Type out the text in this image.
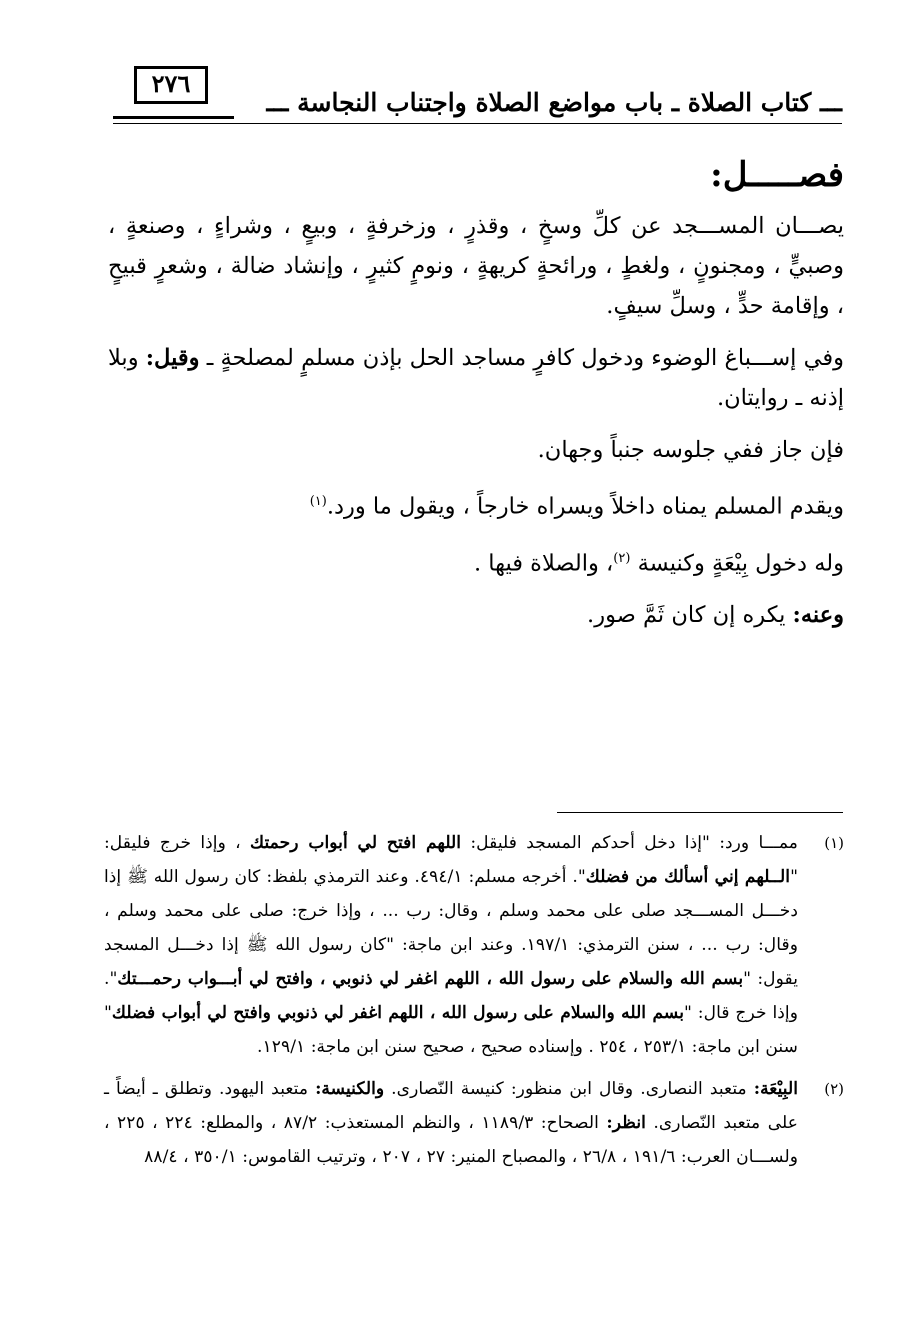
٢٧٦
ـــ كتاب الصلاة ـ باب مواضع الصلاة واجتناب النجاسة ـــ
فصـــــل:

يصـــان المســـجد عن كلِّ وسخٍ ، وقذرٍ ، وزخرفةٍ ، وبيعٍ ، وشراءٍ ، وصنعةٍ ، وصبيٍّ ، ومجنونٍ ، ولغطٍ ، ورائحةٍ كريهةٍ ، ونومٍ كثيرٍ ، وإنشاد ضالة ، وشعرٍ قبيحٍ ، وإقامة حدٍّ ، وسلِّ سيفٍ.

وفي إســـباغ الوضوء ودخول كافرٍ مساجد الحل بإذن مسلمٍ لمصلحةٍ ـ وقيل: وبلا إذنه ـ روايتان.

فإن جاز ففي جلوسه جنباً وجهان.

ويقدم المسلم يمناه داخلاً ويسراه خارجاً ، ويقول ما ورد.$^{(١)}$

وله دخول بِيْعَةٍ وكنيسة $^{(٢)}$، والصلاة فيها .

وعنه: يكره إن كان ثَمَّ صور.

(١)
ممـــا ورد: "إذا دخل أحدكم المسجد فليقل: اللهم افتح لي أبواب رحمتك ، وإذا خرج فليقل: "الــلهم إني أسألك من فضلك". أخرجه مسلم: ٤٩٤/١. وعند الترمذي بلفظ: كان رسول الله ﷺ إذا دخـــل المســـجد صلى على محمد وسلم ، وقال: رب ... ، وإذا خرج: صلى على محمد وسلم ، وقال: رب ... ، سنن الترمذي: ١٩٧/١. وعند ابن ماجة: "كان رسول الله ﷺ إذا دخـــل المسجد يقول: "بسم الله والسلام على رسول الله ، اللهم اغفر لي ذنوبي ، وافتح لي أبـــواب رحمـــتك". وإذا خرج قال: "بسم الله والسلام على رسول الله ، اللهم اغفر لي ذنوبي وافتح لي أبواب فضلك" سنن ابن ماجة: ٢٥٣/١ ، ٢٥٤ . وإسناده صحيح ، صحيح سنن ابن ماجة: ١٢٩/١.

(٢)
البِيْعَة: متعبد النصارى. وقال ابن منظور: كنيسة النّصارى. والكنيسة: متعبد اليهود. وتطلق ـ أيضاً ـ على متعبد النّصارى. انظر: الصحاح: ١١٨٩/٣ ، والنظم المستعذب: ٨٧/٢ ، والمطلع: ٢٢٤ ، ٢٢٥ ، ولســـان العرب: ١٩١/٦ ، ٢٦/٨ ، والمصباح المنير: ٢٧ ، ٢٠٧ ، وترتيب القاموس: ٣٥٠/١ ، ٨٨/٤
